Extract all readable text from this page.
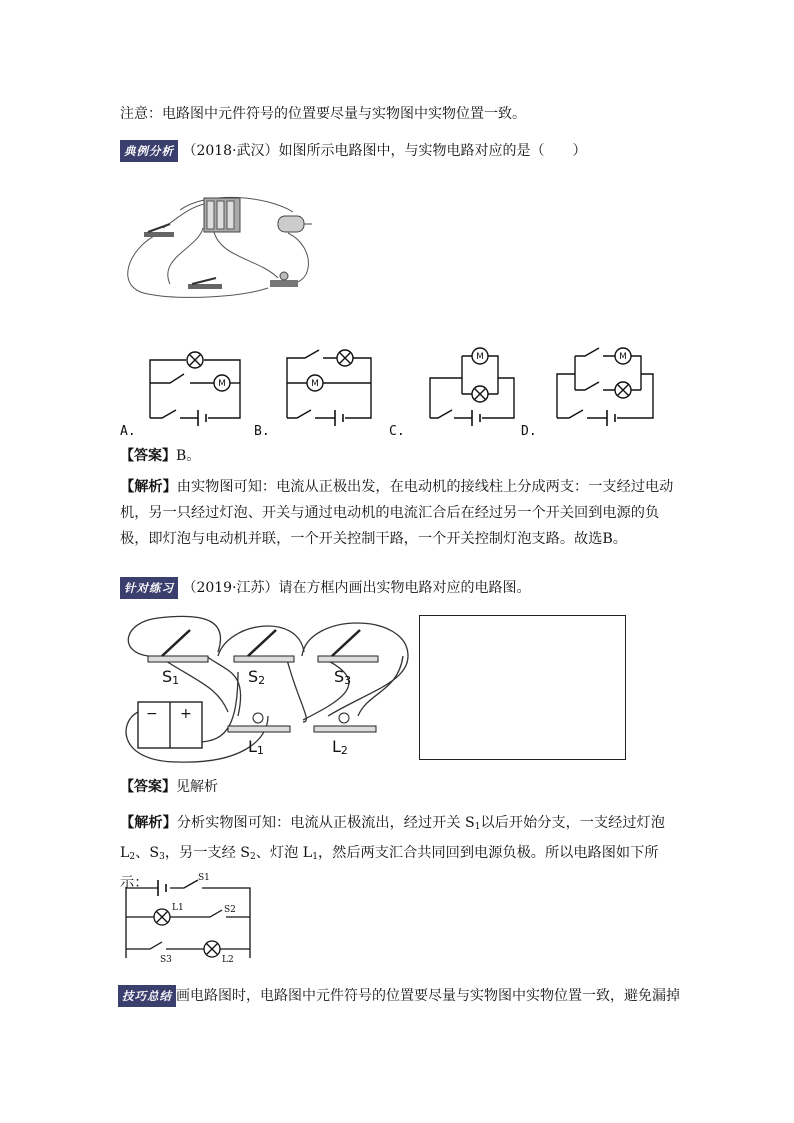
注意：电路图中元件符号的位置要尽量与实物图中实物位置一致。
典例分析 （2018·武汉）如图所示电路图中，与实物电路对应的是（　　）
M	M
M	M
A.	B.	C.	D.
【答案】B。
【解析】由实物图可知：电流从正极出发，在电动机的接线柱上分成两支：一支经过电动机，另一只经过灯泡、开关与通过电动机的电流汇合后在经过另一个开关回到电源的负极，即灯泡与电动机并联，一个开关控制干路，一个开关控制灯泡支路。故选B。
针对练习 （2019·江苏）请在方框内画出实物电路对应的电路图。
S1	S2	S3
L1	L2
− +
【答案】见解析
【解析】分析实物图可知：电流从正极流出，经过开关 $S_1$以后开始分支，一支经过灯泡 $L_2$、$S_3$，另一支经 $S_2$、灯泡 $L_1$，然后两支汇合共同回到电源负极。所以电路图如下所示：	S1
L1	S2
S3	L2
技巧总结 画电路图时，电路图中元件符号的位置要尽量与实物图中实物位置一致，避免漏掉
